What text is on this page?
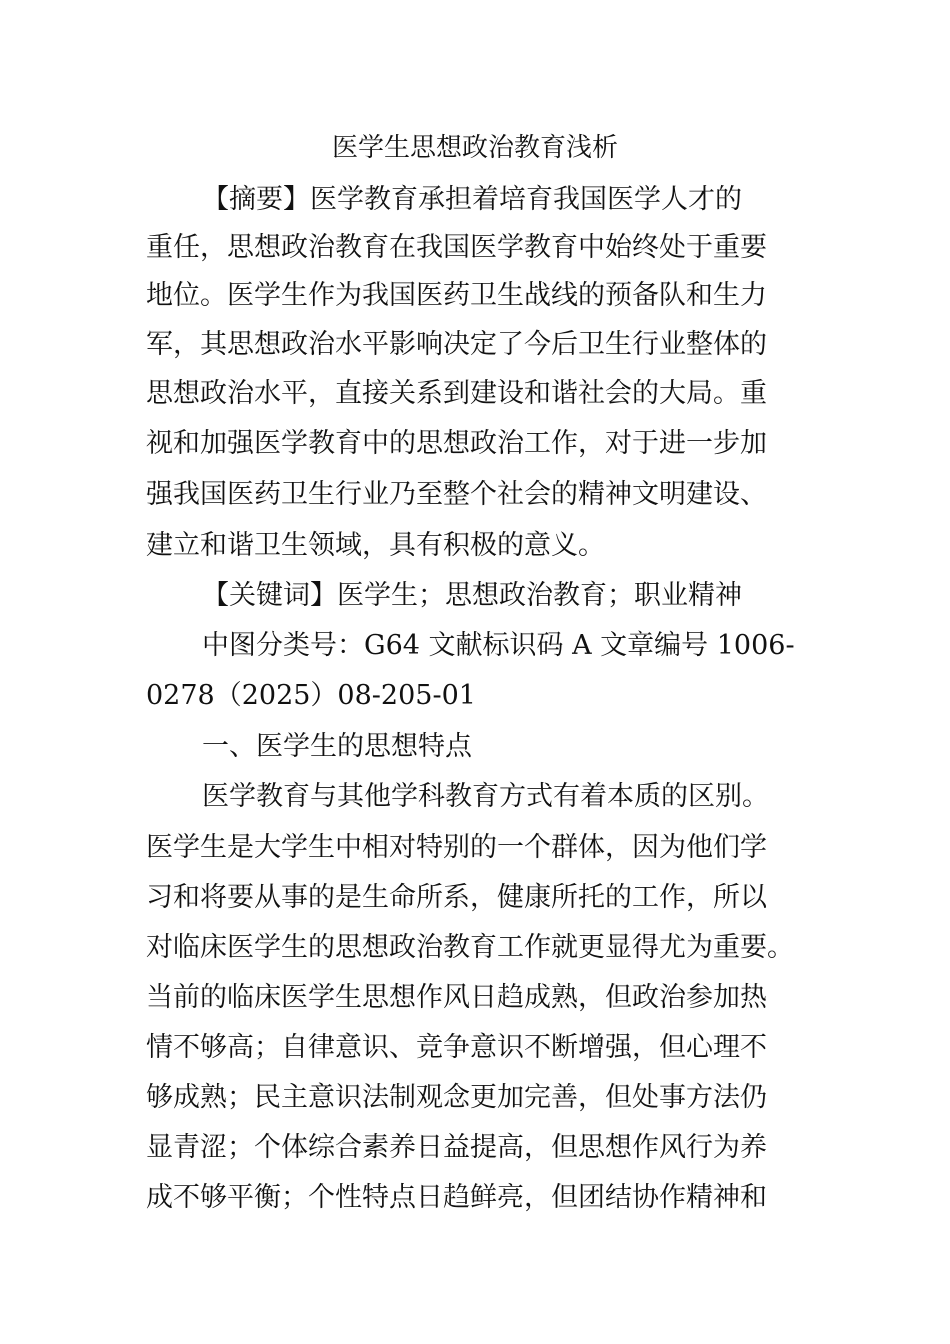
医学生思想政治教育浅析
【摘要】医学教育承担着培育我国医学人才的
重任，思想政治教育在我国医学教育中始终处于重要
地位。医学生作为我国医药卫生战线的预备队和生力
军，其思想政治水平影响决定了今后卫生行业整体的
思想政治水平，直接关系到建设和谐社会的大局。重
视和加强医学教育中的思想政治工作，对于进一步加
强我国医药卫生行业乃至整个社会的精神文明建设、
建立和谐卫生领域，具有积极的意义。
【关键词】医学生；思想政治教育；职业精神
中图分类号：G64 文献标识码 A 文章编号 1006-
0278（2025）08-205-01
一、医学生的思想特点
医学教育与其他学科教育方式有着本质的区别。
医学生是大学生中相对特别的一个群体，因为他们学
习和将要从事的是生命所系，健康所托的工作，所以
对临床医学生的思想政治教育工作就更显得尤为重要。
当前的临床医学生思想作风日趋成熟，但政治参加热
情不够高；自律意识、竞争意识不断增强，但心理不
够成熟；民主意识法制观念更加完善，但处事方法仍
显青涩；个体综合素养日益提高，但思想作风行为养
成不够平衡；个性特点日趋鲜亮，但团结协作精神和
